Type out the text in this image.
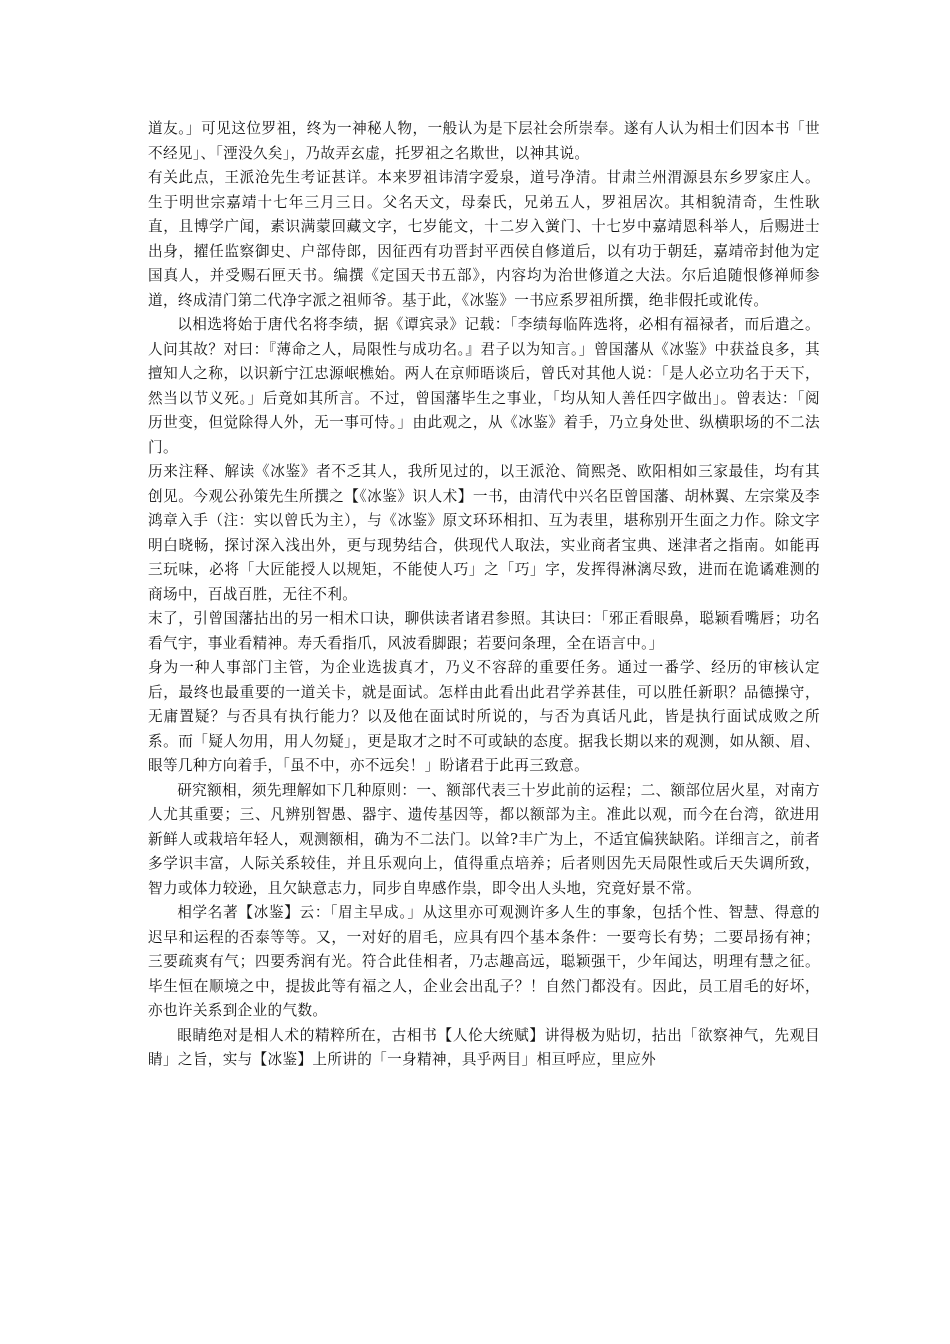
道友。」可见这位罗祖，终为一神秘人物，一般认为是下层社会所崇奉。遂有人认为相士们因本书「世不经见」、「湮没久矣」，乃故弄玄虚，托罗祖之名欺世，以神其说。

有关此点，王派沧先生考证甚详。本来罗祖讳清字爱泉，道号净清。甘肃兰州渭源县东乡罗家庄人。生于明世宗嘉靖十七年三月三日。父名天文，母秦氏，兄弟五人，罗祖居次。其相貌清奇，生性耿直，且博学广闻，素识满蒙回藏文字，七岁能文，十二岁入黉门、十七岁中嘉靖恩科举人，后赐进士出身，擢任监察御史、户部侍郎，因征西有功晋封平西侯自修道后，以有功于朝廷，嘉靖帝封他为定国真人，并受赐石匣天书。编撰《定国天书五部》，内容均为治世修道之大法。尔后追随恨修禅师参道，终成清门第二代净字派之祖师爷。基于此，《冰鉴》一书应系罗祖所撰，绝非假托或讹传。

以相选将始于唐代名将李绩，据《谭宾录》记载：「李绩每临阵选将，必相有福禄者，而后遣之。人问其故？对曰：『薄命之人，局限性与成功名。』君子以为知言。」曾国藩从《冰鉴》中获益良多，其擅知人之称，以识新宁江忠源岷樵始。两人在京师晤谈后，曾氏对其他人说：「是人必立功名于天下，然当以节义死。」后竟如其所言。不过，曾国藩毕生之事业，「均从知人善任四字做出」。曾表达：「阅历世变，但觉除得人外，无一事可恃。」由此观之，从《冰鉴》着手，乃立身处世、纵横职场的不二法门。

历来注释、解读《冰鉴》者不乏其人，我所见过的，以王派沧、简熙尧、欧阳相如三家最佳，均有其创见。今观公孙策先生所撰之【《冰鉴》识人术】一书，由清代中兴名臣曾国藩、胡林翼、左宗棠及李鸿章入手（注：实以曾氏为主），与《冰鉴》原文环环相扣、互为表里，堪称别开生面之力作。除文字明白晓畅，探讨深入浅出外，更与现势结合，供现代人取法，实业商者宝典、迷津者之指南。如能再三玩味，必将「大匠能授人以规矩，不能使人巧」之「巧」字，发挥得淋漓尽致，进而在诡谲难测的商场中，百战百胜，无往不利。

末了，引曾国藩拈出的另一相术口诀，聊供读者诸君参照。其诀曰：「邪正看眼鼻，聪颖看嘴唇；功名看气宇，事业看精神。寿夭看指爪，风波看脚跟；若要问条理，全在语言中。」

身为一种人事部门主管，为企业选拔真才，乃义不容辞的重要任务。通过一番学、经历的审核认定后，最终也最重要的一道关卡，就是面试。怎样由此看出此君学养甚佳，可以胜任新职？品德操守，无庸置疑？与否具有执行能力？以及他在面试时所说的，与否为真话凡此，皆是执行面试成败之所系。而「疑人勿用，用人勿疑」，更是取才之时不可或缺的态度。据我长期以来的观测，如从额、眉、眼等几种方向着手，「虽不中，亦不远矣！」盼诸君于此再三致意。

研究额相，须先理解如下几种原则：一、额部代表三十岁此前的运程；二、额部位居火星，对南方人尤其重要；三、凡辨别智愚、器宇、遗传基因等，都以额部为主。准此以观，而今在台湾，欲进用新鲜人或栽培年轻人，观测额相，确为不二法门。以耸?丰广为上，不适宜偏狭缺陷。详细言之，前者多学识丰富，人际关系较佳，并且乐观向上，值得重点培养；后者则因先天局限性或后天失调所致，智力或体力较逊，且欠缺意志力，同步自卑感作祟，即令出人头地，究竟好景不常。

相学名著【冰鉴】云：「眉主早成。」从这里亦可观测许多人生的事象，包括个性、智慧、得意的迟早和运程的否泰等等。又，一对好的眉毛，应具有四个基本条件：一要弯长有势；二要昂扬有神；三要疏爽有气；四要秀润有光。符合此佳相者，乃志趣高远，聪颖强干，少年闻达，明理有慧之征。毕生恒在顺境之中，提拔此等有福之人，企业会出乱子？！自然门都没有。因此，员工眉毛的好坏，亦也许关系到企业的气数。

眼睛绝对是相人术的精粹所在，古相书【人伦大统赋】讲得极为贴切，拈出「欲察神气，先观目睛」之旨，实与【冰鉴】上所讲的「一身精神，具乎两目」相亘呼应，里应外
